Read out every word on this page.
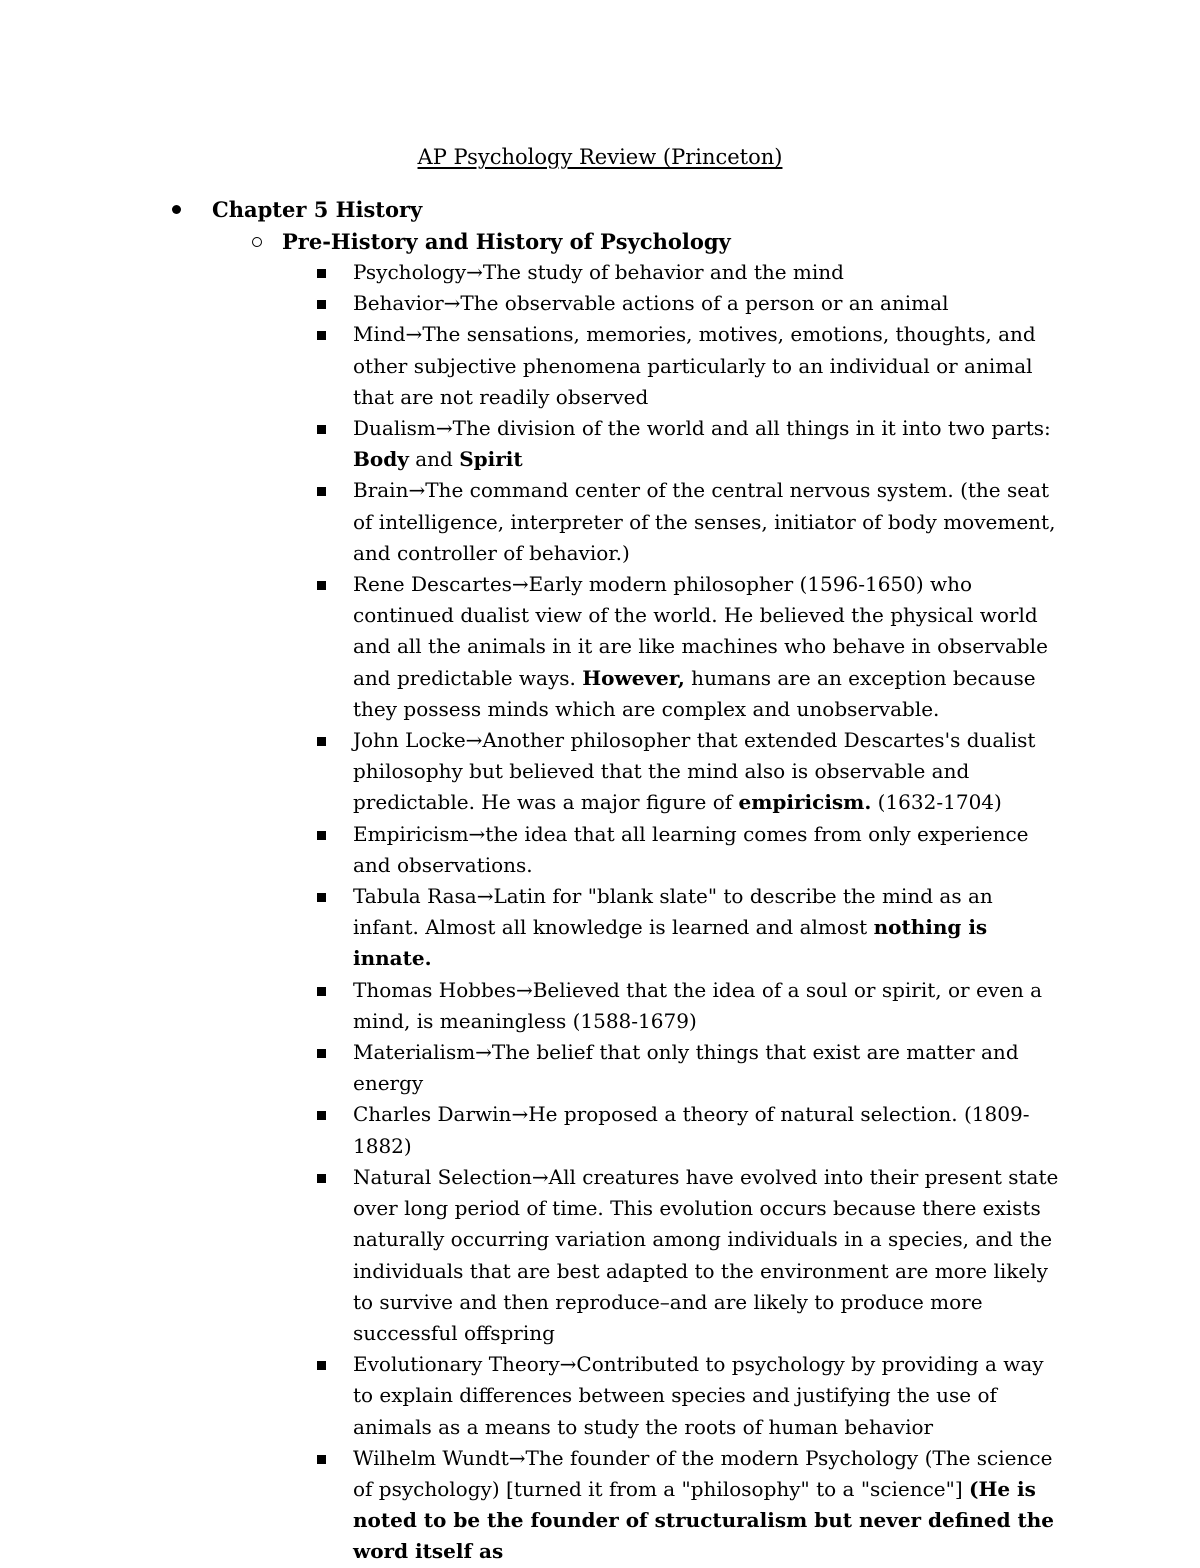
AP Psychology Review (Princeton)
Chapter 5 History
Pre-History and History of Psychology
Psychology→The study of behavior and the mind
Behavior→The observable actions of a person or an animal
Mind→The sensations, memories, motives, emotions, thoughts, and other subjective phenomena particularly to an individual or animal that are not readily observed
Dualism→The division of the world and all things in it into two parts: Body and Spirit
Brain→The command center of the central nervous system. (the seat of intelligence, interpreter of the senses, initiator of body movement, and controller of behavior.)
Rene Descartes→Early modern philosopher (1596-1650) who continued dualist view of the world. He believed the physical world and all the animals in it are like machines who behave in observable and predictable ways. However, humans are an exception because they possess minds which are complex and unobservable.
John Locke→Another philosopher that extended Descartes's dualist philosophy but believed that the mind also is observable and predictable. He was a major figure of empiricism. (1632-1704)
Empiricism→the idea that all learning comes from only experience and observations.
Tabula Rasa→Latin for "blank slate" to describe the mind as an infant. Almost all knowledge is learned and almost nothing is innate.
Thomas Hobbes→Believed that the idea of a soul or spirit, or even a mind, is meaningless (1588-1679)
Materialism→The belief that only things that exist are matter and energy
Charles Darwin→He proposed a theory of natural selection. (1809-1882)
Natural Selection→All creatures have evolved into their present state over long period of time. This evolution occurs because there exists naturally occurring variation among individuals in a species, and the individuals that are best adapted to the environment are more likely to survive and then reproduce–and are likely to produce more successful offspring
Evolutionary Theory→Contributed to psychology by providing a way to explain differences between species and justifying the use of animals as a means to study the roots of human behavior
Wilhelm Wundt→The founder of the modern Psychology (The science of psychology) [turned it from a "philosophy" to a "science"] (He is noted to be the founder of structuralism but never defined the word itself as
